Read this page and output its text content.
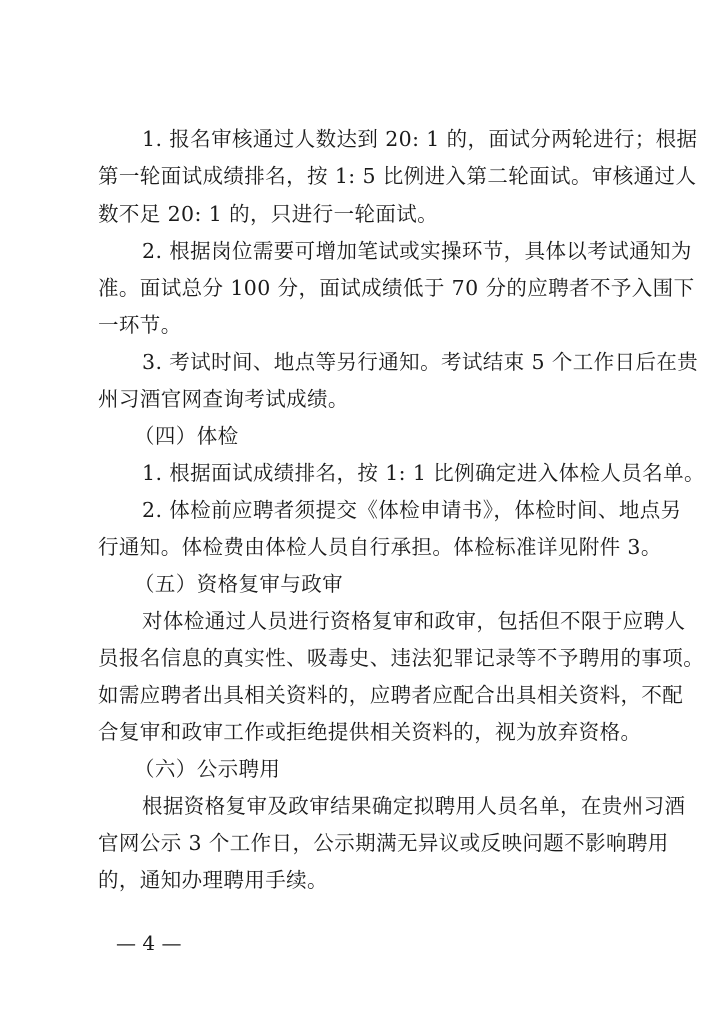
1. 报名审核通过人数达到 20: 1 的，面试分两轮进行；根据
第一轮面试成绩排名，按 1: 5 比例进入第二轮面试。审核通过人
数不足 20: 1 的，只进行一轮面试。
2. 根据岗位需要可增加笔试或实操环节，具体以考试通知为
准。面试总分 100 分，面试成绩低于 70 分的应聘者不予入围下
一环节。
3. 考试时间、地点等另行通知。考试结束 5 个工作日后在贵
州习酒官网查询考试成绩。
（四）体检
1. 根据面试成绩排名，按 1: 1 比例确定进入体检人员名单。
2. 体检前应聘者须提交《体检申请书》，体检时间、地点另
行通知。体检费由体检人员自行承担。体检标准详见附件 3。
（五）资格复审与政审
对体检通过人员进行资格复审和政审，包括但不限于应聘人
员报名信息的真实性、吸毒史、违法犯罪记录等不予聘用的事项。
如需应聘者出具相关资料的，应聘者应配合出具相关资料，不配
合复审和政审工作或拒绝提供相关资料的，视为放弃资格。
（六）公示聘用
根据资格复审及政审结果确定拟聘用人员名单，在贵州习酒
官网公示 3 个工作日，公示期满无异议或反映问题不影响聘用
的，通知办理聘用手续。
— 4 —
